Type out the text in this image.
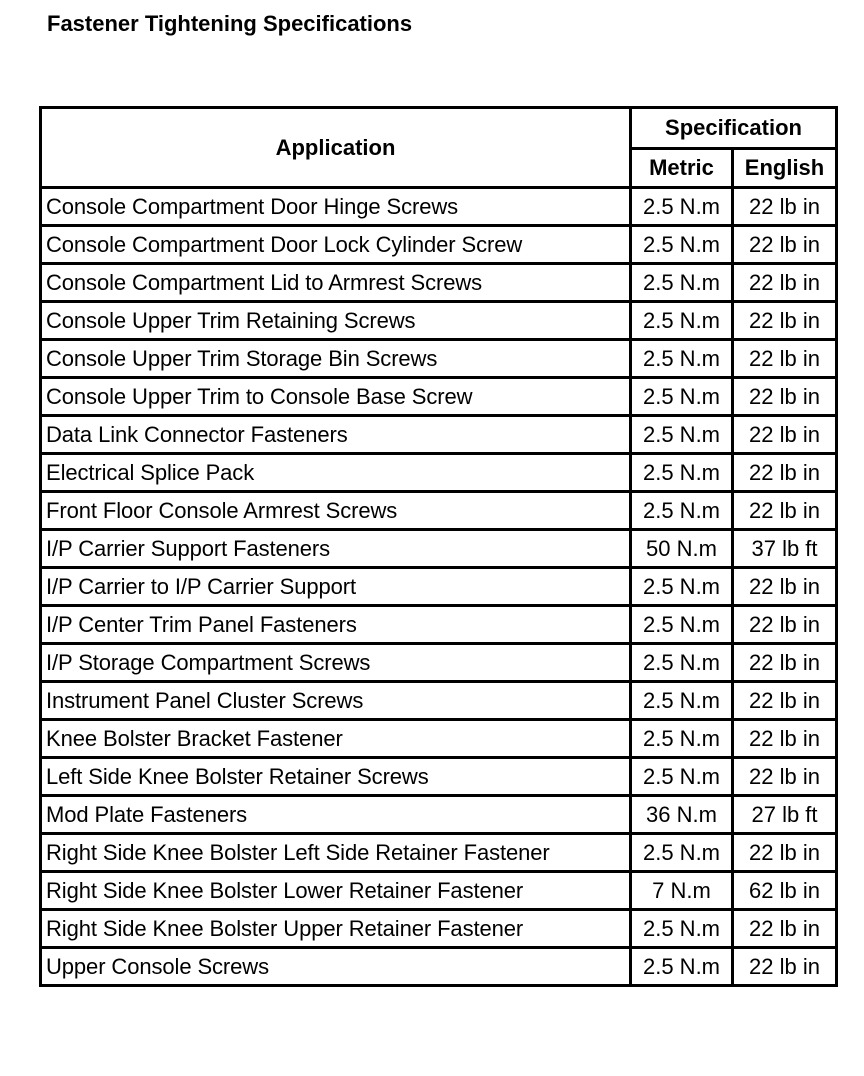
Fastener Tightening Specifications
Application	Specification	
	Metric	English
Console Compartment Door Hinge Screws	2.5 N.m	22 lb in
Console Compartment Door Lock Cylinder Screw	2.5 N.m	22 lb in
Console Compartment Lid to Armrest Screws	2.5 N.m	22 lb in
Console Upper Trim Retaining Screws	2.5 N.m	22 lb in
Console Upper Trim Storage Bin Screws	2.5 N.m	22 lb in
Console Upper Trim to Console Base Screw	2.5 N.m	22 lb in
Data Link Connector Fasteners	2.5 N.m	22 lb in
Electrical Splice Pack	2.5 N.m	22 lb in
Front Floor Console Armrest Screws	2.5 N.m	22 lb in
I/P Carrier Support Fasteners	50 N.m	37 lb ft
I/P Carrier to I/P Carrier Support	2.5 N.m	22 lb in
I/P Center Trim Panel Fasteners	2.5 N.m	22 lb in
I/P Storage Compartment Screws	2.5 N.m	22 lb in
Instrument Panel Cluster Screws	2.5 N.m	22 lb in
Knee Bolster Bracket Fastener	2.5 N.m	22 lb in
Left Side Knee Bolster Retainer Screws	2.5 N.m	22 lb in
Mod Plate Fasteners	36 N.m	27 lb ft
Right Side Knee Bolster Left Side Retainer Fastener	2.5 N.m	22 lb in
Right Side Knee Bolster Lower Retainer Fastener	7 N.m	62 lb in
Right Side Knee Bolster Upper Retainer Fastener	2.5 N.m	22 lb in
Upper Console Screws	2.5 N.m	22 lb in
